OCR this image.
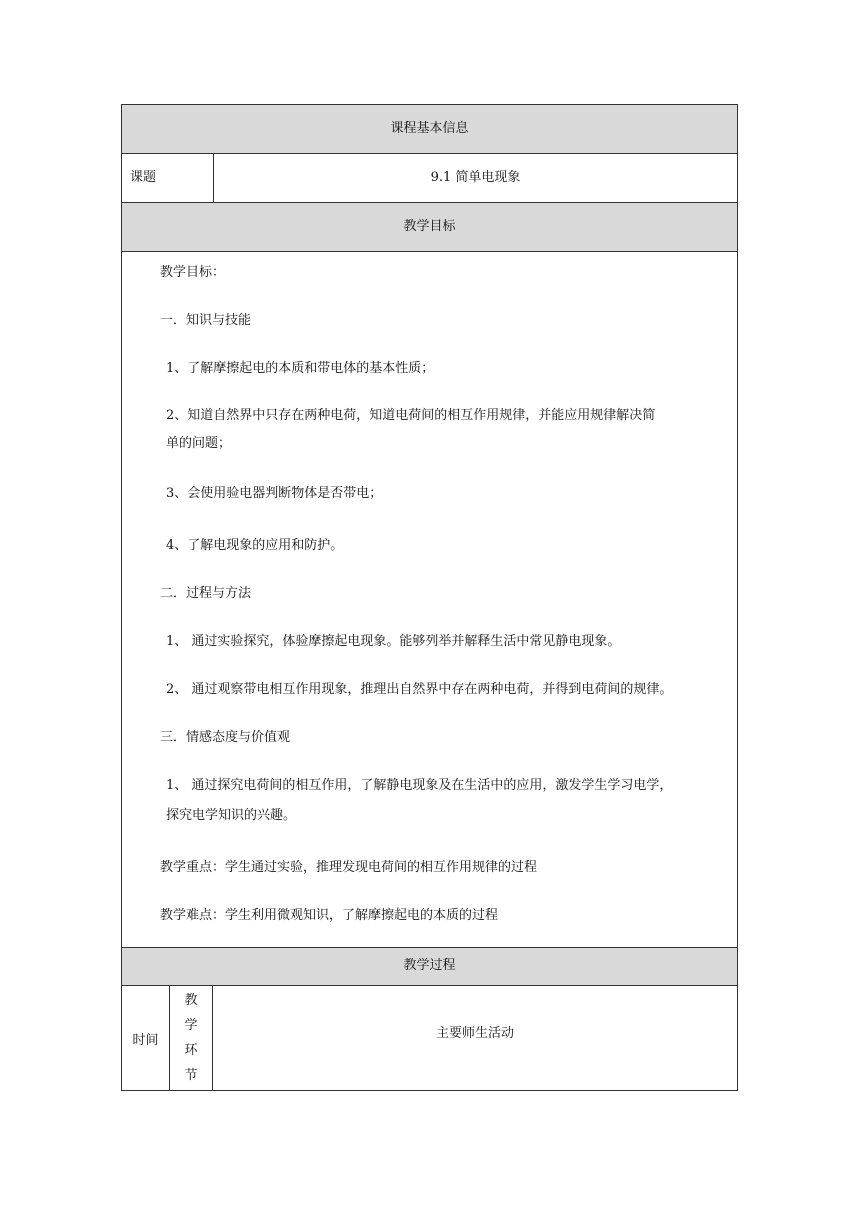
课程基本信息
课题	9.1 简单电现象
教学目标
教学目标：
一．知识与技能
1、了解摩擦起电的本质和带电体的基本性质；
2、知道自然界中只存在两种电荷，知道电荷间的相互作用规律，并能应用规律解决简
单的问题；
3、会使用验电器判断物体是否带电；
4、了解电现象的应用和防护。
二．过程与方法
1、 通过实验探究，体验摩擦起电现象。能够列举并解释生活中常见静电现象。
2、 通过观察带电相互作用现象，推理出自然界中存在两种电荷，并得到电荷间的规律。
三．情感态度与价值观
1、 通过探究电荷间的相互作用，了解静电现象及在生活中的应用，激发学生学习电学，
探究电学知识的兴趣。
教学重点：学生通过实验，推理发现电荷间的相互作用规律的过程
教学难点：学生利用微观知识，了解摩擦起电的本质的过程
教学过程
时间
教学环节
主要师生活动
